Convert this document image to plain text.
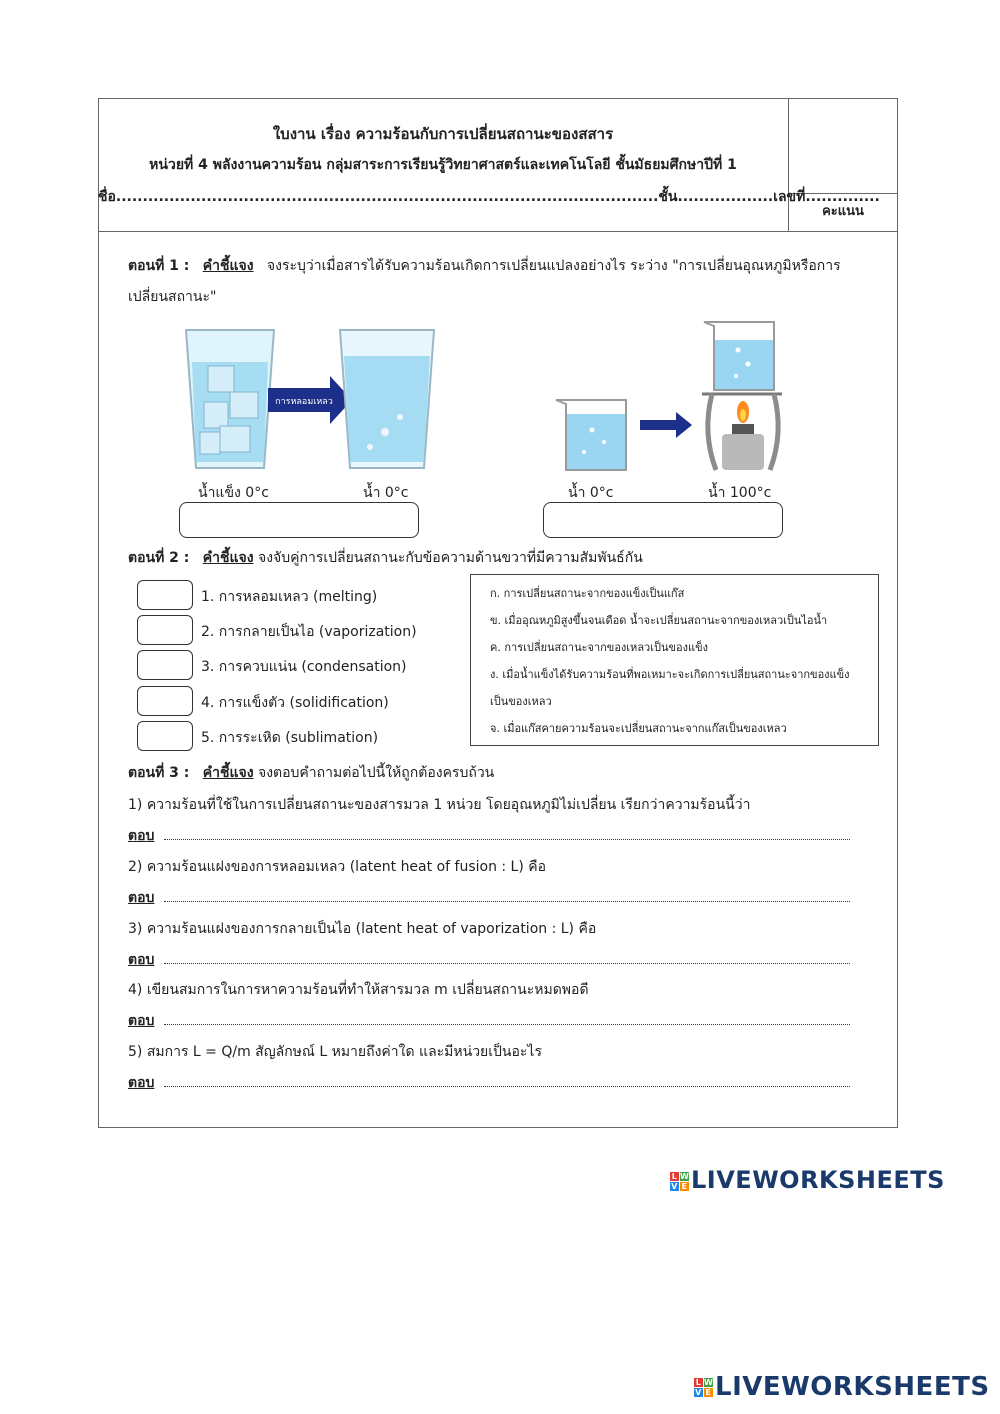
คะแนน
ใบงาน เรื่อง ความร้อนกับการเปลี่ยนสถานะของสสาร
หน่วยที่ 4 พลังงานความร้อน กลุ่มสาระการเรียนรู้วิทยาศาสตร์และเทคโนโลยี ชั้นมัธยมศึกษาปีที่ 1
ชื่อ......................................................................................................ชั้น..................เลขที่..............
ตอนที่ 1 : คำชี้แจง จงระบุว่าเมื่อสารได้รับความร้อนเกิดการเปลี่ยนแปลงอย่างไร ระว่าง "การเปลี่ยนอุณหภูมิหรือการ
เปลี่ยนสถานะ"
การหลอมเหลว
น้ำแข็ง 0°c	น้ำ 0°c	น้ำ 0°c	น้ำ 100°c
ตอนที่ 2 : คำชี้แจง จงจับคู่การเปลี่ยนสถานะกับข้อความด้านขวาที่มีความสัมพันธ์กัน
1. การหลอมเหลว (melting)
2. การกลายเป็นไอ (vaporization)
3. การควบแน่น (condensation)
4. การแข็งตัว (solidification)
5. การระเหิด (sublimation)
ก. การเปลี่ยนสถานะจากของแข็งเป็นแก๊ส
ข. เมื่ออุณหภูมิสูงขึ้นจนเดือด น้ำจะเปลี่ยนสถานะจากของเหลวเป็นไอน้ำ
ค. การเปลี่ยนสถานะจากของเหลวเป็นของแข็ง
ง. เมื่อน้ำแข็งได้รับความร้อนที่พอเหมาะจะเกิดการเปลี่ยนสถานะจากของแข็ง
เป็นของเหลว
จ. เมื่อแก๊สคายความร้อนจะเปลี่ยนสถานะจากแก๊สเป็นของเหลว
ตอนที่ 3 : คำชี้แจง จงตอบคำถามต่อไปนี้ให้ถูกต้องครบถ้วน
1) ความร้อนที่ใช้ในการเปลี่ยนสถานะของสารมวล 1 หน่วย โดยอุณหภูมิไม่เปลี่ยน เรียกว่าความร้อนนี้ว่า
ตอบ
2) ความร้อนแฝงของการหลอมเหลว (latent heat of fusion : L) คือ
ตอบ
3) ความร้อนแฝงของการกลายเป็นไอ (latent heat of vaporization : L) คือ
ตอบ
4) เขียนสมการในการหาความร้อนที่ทำให้สารมวล m เปลี่ยนสถานะหมดพอดี
ตอบ
5) สมการ L = Q/m สัญลักษณ์ L หมายถึงค่าใด และมีหน่วยเป็นอะไร
ตอบ
L W
V E LIVEWORKSHEETS
L W
V E LIVEWORKSHEETS
